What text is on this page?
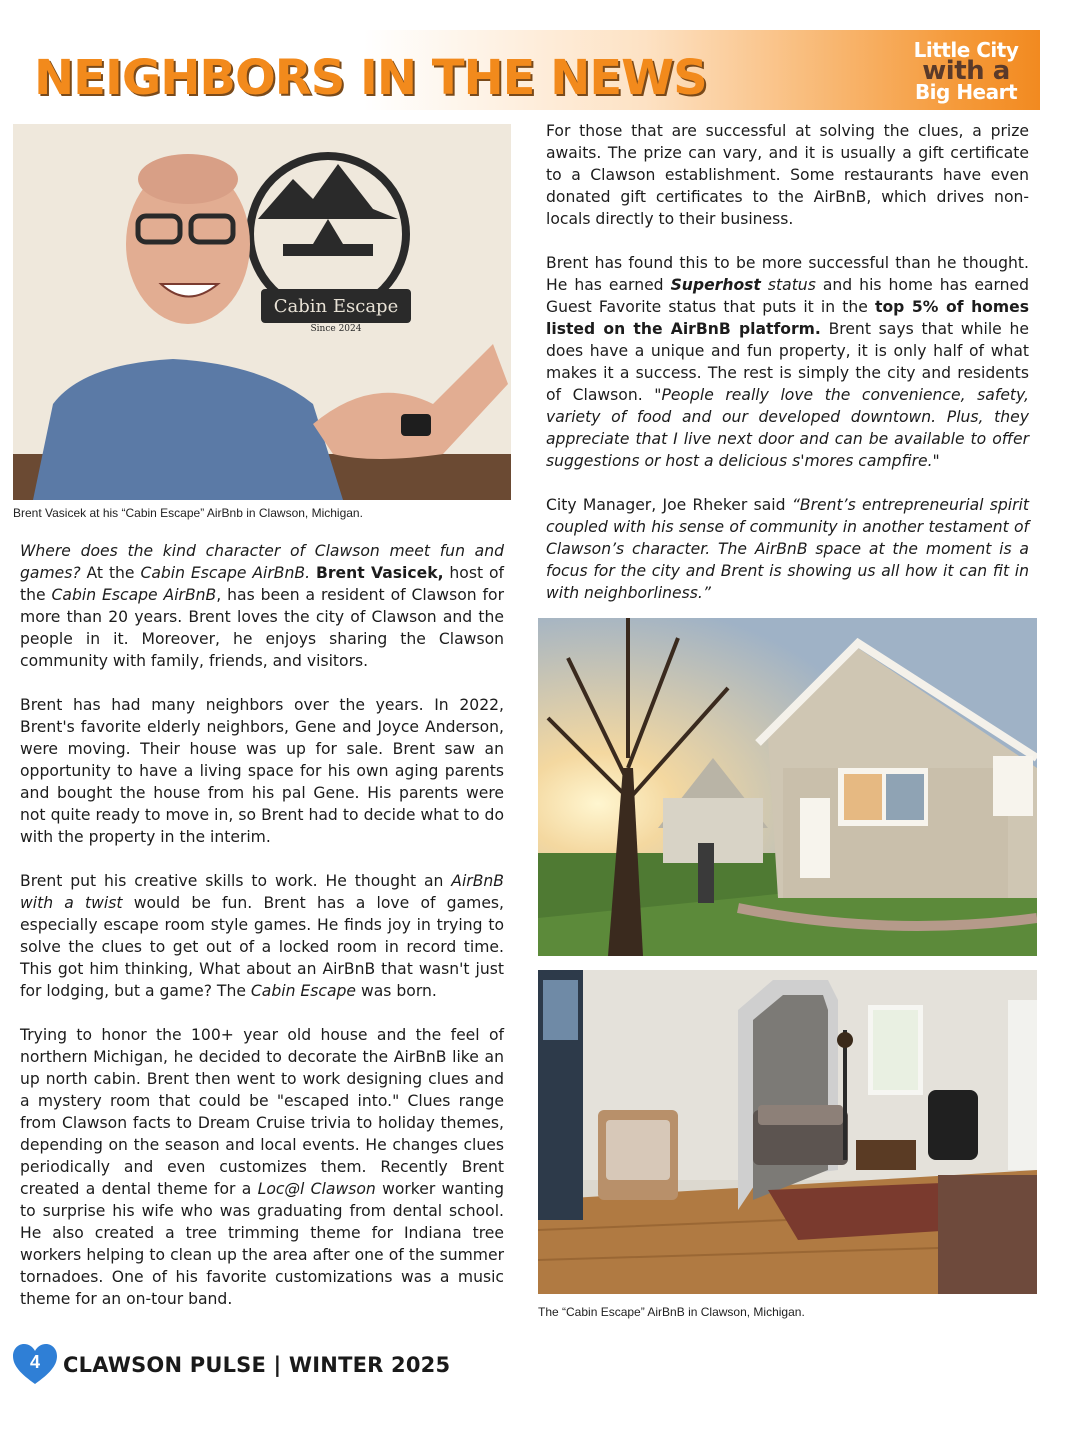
NEIGHBORS IN THE NEWS	Little City
with a
Big Heart
Cabin Escape
Since 2024
Brent Vasicek at his “Cabin Escape” AirBnb in Clawson, Michigan.

Where does the kind character of Clawson meet fun and games? At the Cabin Escape AirBnB. Brent Vasicek, host of the Cabin Escape AirBnB, has been a resident of Clawson for more than 20 years. Brent loves the city of Clawson and the people in it. Moreover, he enjoys sharing the Clawson community with family, friends, and visitors.

Brent has had many neighbors over the years. In 2022, Brent's favorite elderly neighbors, Gene and Joyce Anderson, were moving. Their house was up for sale. Brent saw an opportunity to have a living space for his own aging parents and bought the house from his pal Gene. His parents were not quite ready to move in, so Brent had to decide what to do with the property in the interim.

Brent put his creative skills to work. He thought an AirBnB with a twist would be fun. Brent has a love of games, especially escape room style games. He finds joy in trying to solve the clues to get out of a locked room in record time. This got him thinking, What about an AirBnB that wasn't just for lodging, but a game? The Cabin Escape was born.

Trying to honor the 100+ year old house and the feel of northern Michigan, he decided to decorate the AirBnB like an up north cabin. Brent then went to work designing clues and a mystery room that could be "escaped into." Clues range from Clawson facts to Dream Cruise trivia to holiday themes, depending on the season and local events. He changes clues periodically and even customizes them. Recently Brent created a dental theme for a Loc@l Clawson worker wanting to surprise his wife who was graduating from dental school. He also created a tree trimming theme for Indiana tree workers helping to clean up the area after one of the summer tornadoes. One of his favorite customizations was a music theme for an on-tour band.

For those that are successful at solving the clues, a prize awaits. The prize can vary, and it is usually a gift certificate to a Clawson establishment. Some restaurants have even donated gift certificates to the AirBnB, which drives non-locals directly to their business.

Brent has found this to be more successful than he thought. He has earned Superhost status and his home has earned Guest Favorite status that puts it in the top 5% of homes listed on the AirBnB platform. Brent says that while he does have a unique and fun property, it is only half of what makes it a success. The rest is simply the city and residents of Clawson. "People really love the convenience, safety, variety of food and our developed downtown. Plus, they appreciate that I live next door and can be available to offer suggestions or host a delicious s'mores campfire."

City Manager, Joe Rheker said “Brent’s entrepreneurial spirit coupled with his sense of community in another testament of Clawson’s character. The AirBnB space at the moment is a focus for the city and Brent is showing us all how it can fit in with neighborliness.”

The “Cabin Escape” AirBnB in Clawson, Michigan.
4	CLAWSON PULSE | WINTER 2025
